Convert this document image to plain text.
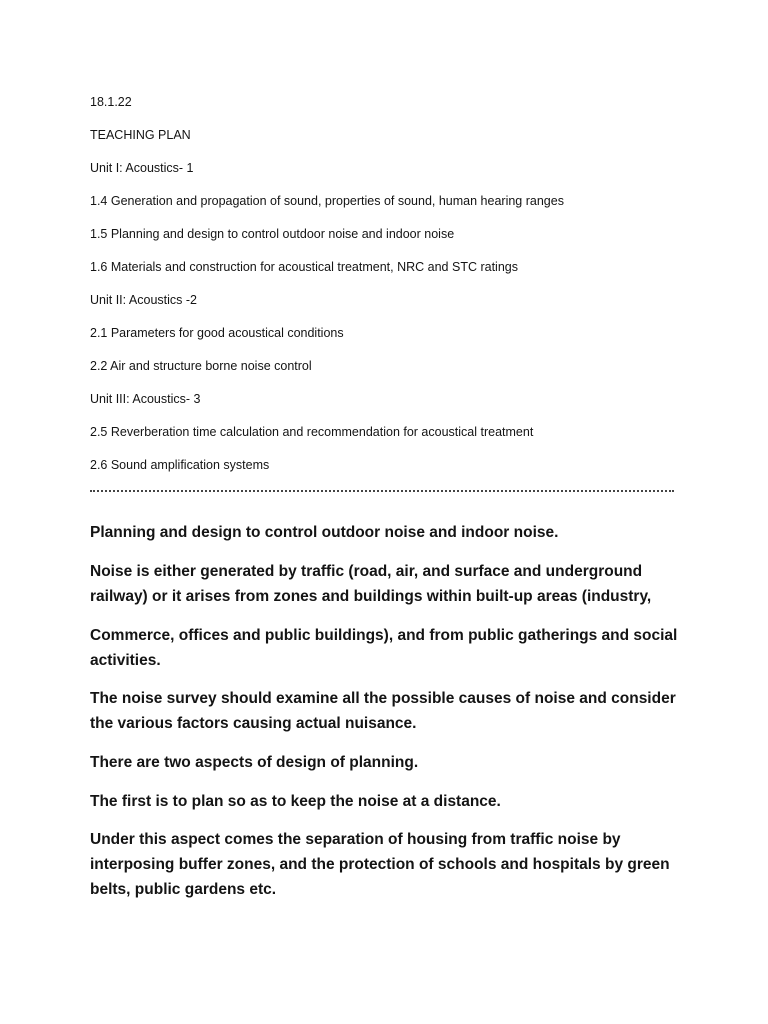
18.1.22

TEACHING PLAN

Unit I: Acoustics- 1

1.4 Generation and propagation of sound, properties of sound, human hearing ranges

1.5 Planning and design to control outdoor noise and indoor noise

1.6 Materials and construction for acoustical treatment, NRC and STC ratings

Unit II: Acoustics -2

2.1 Parameters for good acoustical conditions

2.2 Air and structure borne noise control

Unit III: Acoustics- 3

2.5 Reverberation time calculation and recommendation for acoustical treatment

2.6 Sound amplification systems

Planning and design to control outdoor noise and indoor noise.

Noise is either generated by traffic (road, air, and surface and underground railway) or it arises from zones and buildings within built-up areas (industry,

Commerce, offices and public buildings), and from public gatherings and social activities.

The noise survey should examine all the possible causes of noise and consider the various factors causing actual nuisance.

There are two aspects of design of planning.

The first is to plan so as to keep the noise at a distance.

Under this aspect comes the separation of housing from traffic noise by interposing buffer zones, and the protection of schools and hospitals by green belts, public gardens etc.
